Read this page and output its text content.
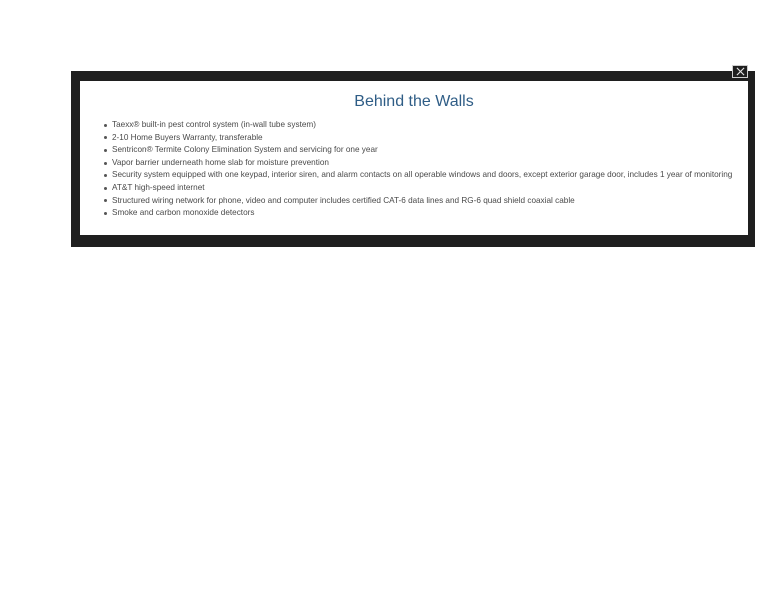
Behind the Walls
Taexx® built-in pest control system (in-wall tube system)
2-10 Home Buyers Warranty, transferable
Sentricon® Termite Colony Elimination System and servicing for one year
Vapor barrier underneath home slab for moisture prevention
Security system equipped with one keypad, interior siren, and alarm contacts on all operable windows and doors, except exterior garage door, includes 1 year of monitoring
AT&T high-speed internet
Structured wiring network for phone, video and computer includes certified CAT-6 data lines and RG-6 quad shield coaxial cable
Smoke and carbon monoxide detectors
